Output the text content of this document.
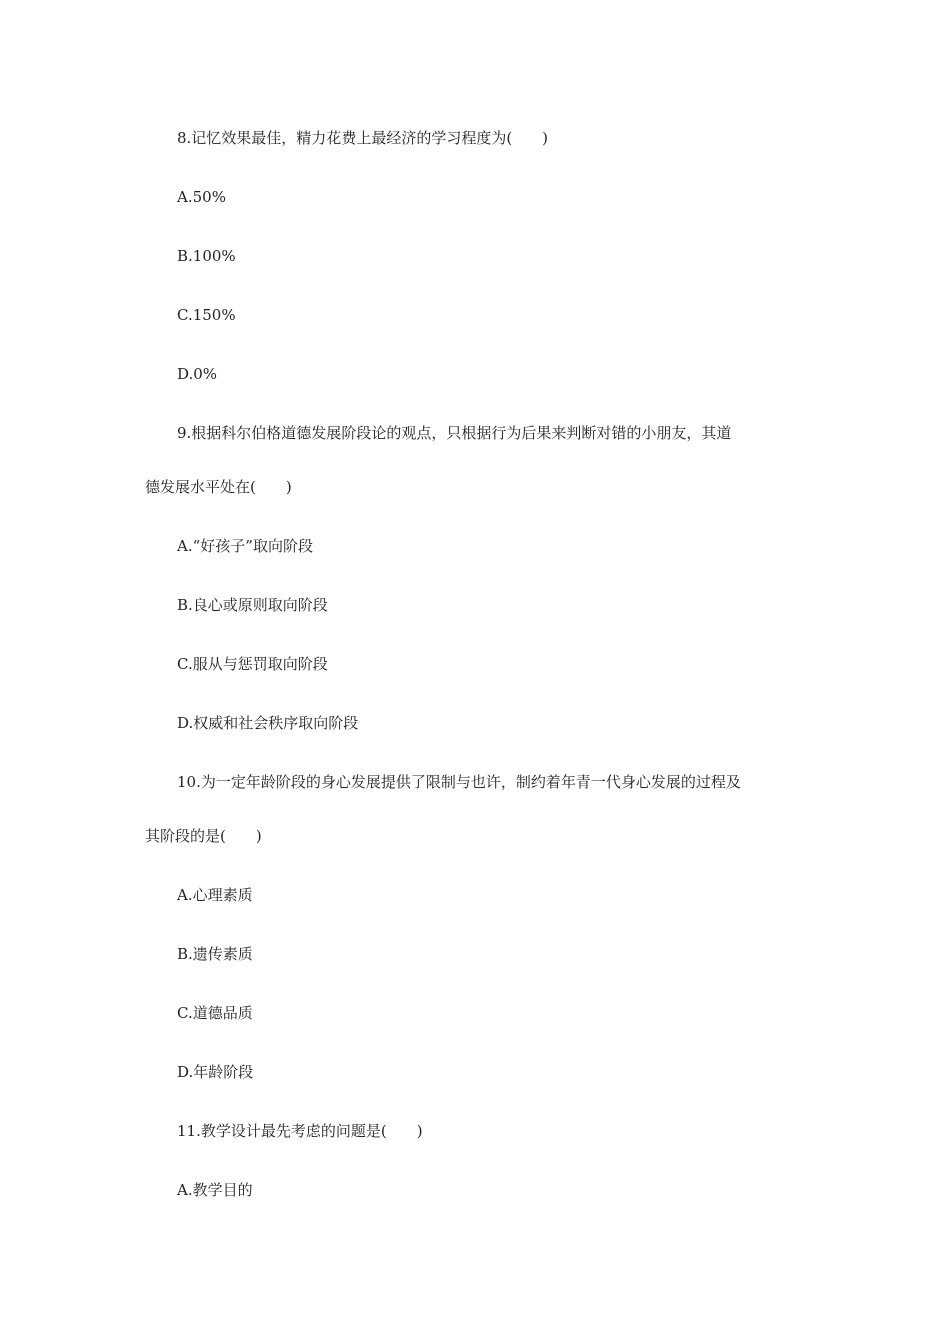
8.记忆效果最佳，精力花费上最经济的学习程度为(　　)
A.50%
B.100%
C.150%
D.0%
9.根据科尔伯格道德发展阶段论的观点，只根据行为后果来判断对错的小朋友，其道
德发展水平处在(　　)
A.“好孩子”取向阶段
B.良心或原则取向阶段
C.服从与惩罚取向阶段
D.权威和社会秩序取向阶段
10.为一定年龄阶段的身心发展提供了限制与也许，制约着年青一代身心发展的过程及
其阶段的是(　　)
A.心理素质
B.遗传素质
C.道德品质
D.年龄阶段
11.教学设计最先考虑的问题是(　　)
A.教学目的
